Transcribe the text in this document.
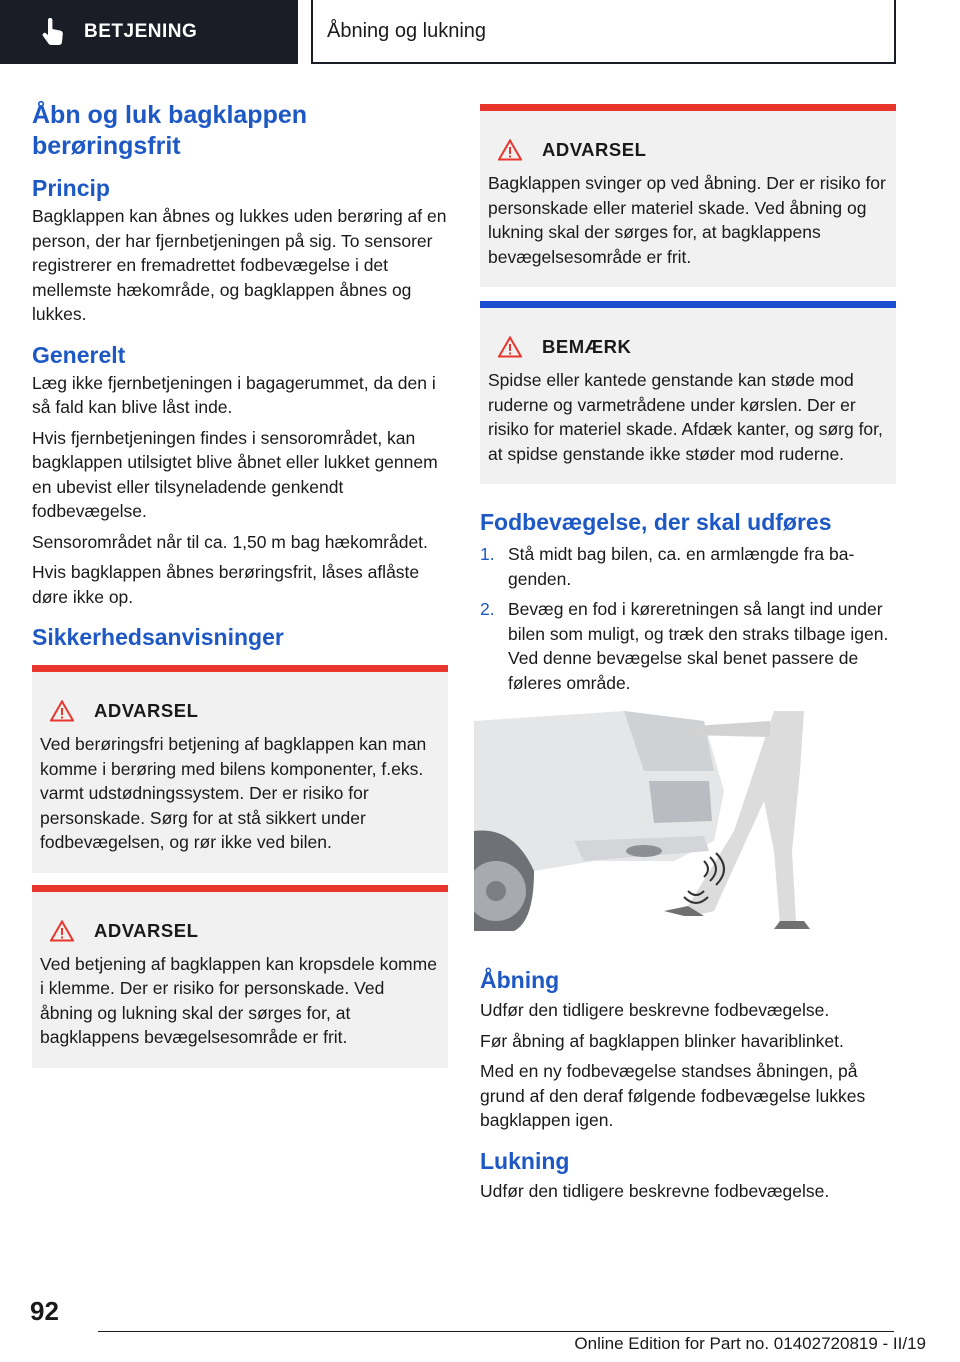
BETJENING	Åbning og lukning
Åbn og luk bagklappen berøringsfrit
Princip

Bagklappen kan åbnes og lukkes uden berøring af en person, der har fjernbetjeningen på sig. To sensorer registrerer en fremadrettet fodbevægelse i det mellemste hækområde, og bagklappen åbnes og lukkes.

Generelt

Læg ikke fjernbetjeningen i bagagerummet, da den i så fald kan blive låst inde.

Hvis fjernbetjeningen findes i sensorområdet, kan bagklappen utilsigtet blive åbnet eller lukket gennem en ubevist eller tilsyneladende genkendt fodbevægelse.

Sensorområdet når til ca. 1,50 m bag hækområdet.

Hvis bagklappen åbnes berøringsfrit, låses aflåste døre ikke op.

Sikkerhedsanvisninger
ADVARSEL

Ved berøringsfri betjening af bagklappen kan man komme i berøring med bilens komponenter, f.eks. varmt udstødningssystem. Der er risiko for personskade. Sørg for at stå sikkert under fodbevægelsen, og rør ikke ved bilen.

ADVARSEL

Ved betjening af bagklappen kan kropsdele komme i klemme. Der er risiko for personskade. Ved åbning og lukning skal der sørges for, at bagklappens bevægelsesområde er frit.

ADVARSEL

Bagklappen svinger op ved åbning. Der er risiko for personskade eller materiel skade. Ved åbning og lukning skal der sørges for, at bagklappens bevægelsesområde er frit.

BEMÆRK

Spidse eller kantede genstande kan støde mod ruderne og varmetrådene under kørslen. Der er risiko for materiel skade. Afdæk kanter, og sørg for, at spidse genstande ikke støder mod ruderne.

Fodbevægelse, der skal udføres
1. Stå midt bag bilen, ca. en armlængde fra bagenden.
2. Bevæg en fod i køreretningen så langt ind under bilen som muligt, og træk den straks tilbage igen. Ved denne bevægelse skal benet passere de føleres område.
Åbning

Udfør den tidligere beskrevne fodbevægelse.

Før åbning af bagklappen blinker havariblinket.

Med en ny fodbevægelse standses åbningen, på grund af den deraf følgende fodbevægelse lukkes bagklappen igen.

Lukning

Udfør den tidligere beskrevne fodbevægelse.

92
Online Edition for Part no. 01402720819 - II/19
